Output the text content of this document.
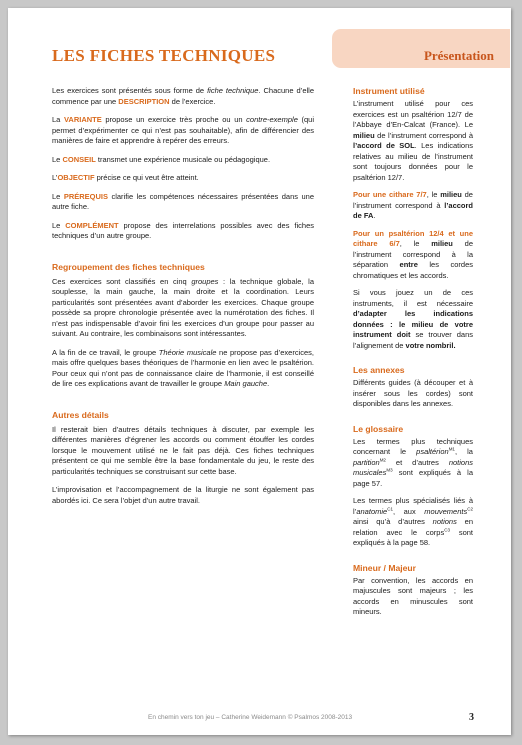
LES FICHES TECHNIQUES	Présentation

Les exercices sont présentés sous forme de fiche technique. Chacune d’elle commence par une DESCRIPTION de l’exercice.

La VARIANTE propose un exercice très proche ou un contre-exemple (qui permet d’expérimenter ce qui n’est pas souhaitable), afin de différencier des manières de faire et apprendre à repérer des erreurs.

Le CONSEIL transmet une expérience musicale ou pédagogique.

L’OBJECTIF précise ce qui veut être atteint.

Le PRÉREQUIS clarifie les compétences nécessaires présentées dans une autre fiche.

Le COMPLÉMENT propose des interrelations possibles avec des fiches techniques d’un autre groupe.

Regroupement des fiches techniques

Ces exercices sont classifiés en cinq groupes : la technique globale, la souplesse, la main gauche, la main droite et la coordination. Leurs particularités sont présentées avant d’aborder les exercices. Chaque groupe possède sa propre chronologie présentée avec la numérotation des fiches. Il n’est pas indispensable d’avoir fini les exercices d’un groupe pour passer au suivant. Au contraire, les combinaisons sont intéressantes.

A la fin de ce travail, le groupe Théorie musicale ne propose pas d’exercices, mais offre quelques bases théoriques de l’harmonie en lien avec le psaltérion. Pour ceux qui n’ont pas de connaissance claire de l’harmonie, il est conseillé de lire ces explications avant de travailler le groupe Main gauche.

Autres détails

Il resterait bien d’autres détails techniques à discuter, par exemple les différentes manières d’égrener les accords ou comment étouffer les cordes lorsque le mouvement utilisé ne le fait pas déjà. Ces fiches techniques présentent ce qui me semble être la base fondamentale du jeu, le reste des particularités techniques se construisant sur cette base.

L’improvisation et l’accompagnement de la liturgie ne sont également pas abordés ici. Ce sera l’objet d’un autre travail.

Instrument utilisé

L’instrument utilisé pour ces exercices est un psaltérion 12/7 de l’Abbaye d’En-Calcat (France). Le milieu de l’instrument correspond à l’accord de SOL. Les indications relatives au milieu de l’instrument sont toujours données pour le psaltérion 12/7.

Pour une cithare 7/7, le milieu de l’instrument correspond à l’accord de FA.

Pour un psaltérion 12/4 et une cithare 6/7, le milieu de l’instrument correspond à la séparation entre les cordes chromatiques et les accords.

Si vous jouez un de ces instruments, il est nécessaire d’adapter les indications données : le milieu de votre instrument doit se trouver dans l’alignement de votre nombril.

Les annexes

Différents guides (à découper et à insérer sous les cordes) sont disponibles dans les annexes.

Le glossaire

Les termes plus techniques concernant le psaltérion$^{M1}$, la partition$^{M2}$ et d’autres notions musicales$^{M3}$ sont expliqués à la page 57.

Les termes plus spécialisés liés à l’anatomie$^{C1}$, aux mouvements$^{C2}$ ainsi qu’à d’autres notions en relation avec le corps$^{C3}$ sont expliqués à la page 58.

Mineur / Majeur

Par convention, les accords en majuscules sont majeurs ; les accords en minuscules sont mineurs.

En chemin vers ton jeu – Catherine Weidemann © Psalmos 2008-2013	3
